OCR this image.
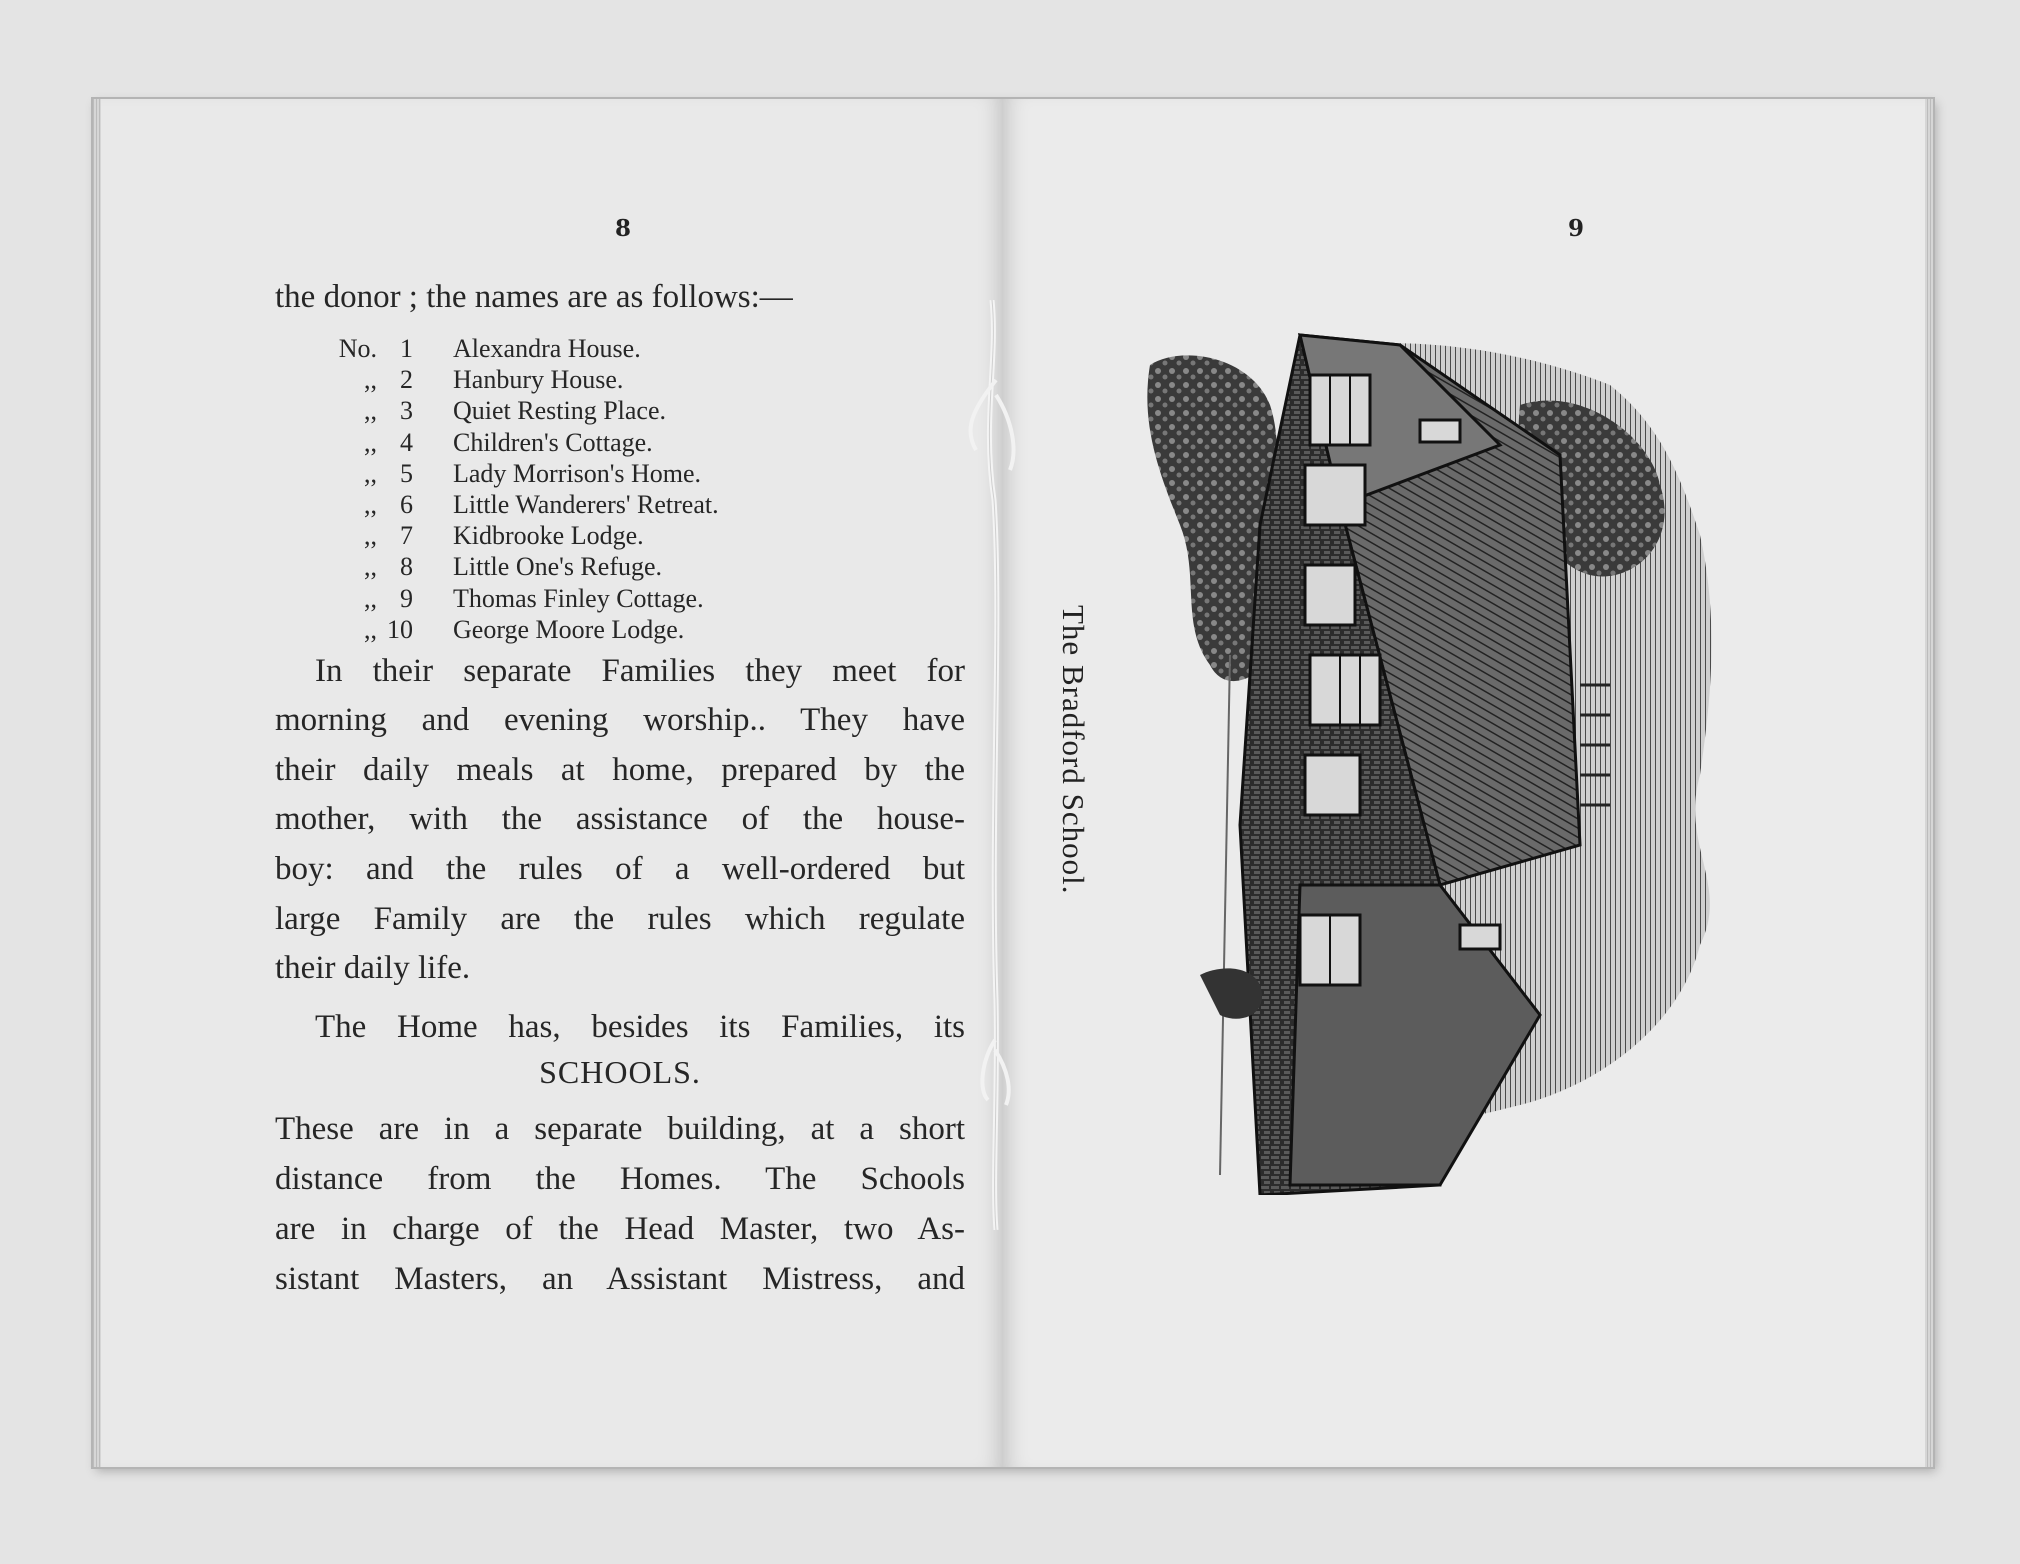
8
the donor ; the names are as follows:—
No. 1 Alexandra House.
,, 2 Hanbury House.
,, 3 Quiet Resting Place.
,, 4 Children's Cottage.
,, 5 Lady Morrison's Home.
,, 6 Little Wanderers' Retreat.
,, 7 Kidbrooke Lodge.
,, 8 Little One's Refuge.
,, 9 Thomas Finley Cottage.
,, 10 George Moore Lodge.
In their separate Families they meet for
morning and evening worship.. They have
their daily meals at home, prepared by the
mother, with the assistance of the house-
boy: and the rules of a well-ordered but
large Family are the rules which regulate
their daily life.
The Home has, besides its Families, its
SCHOOLS.
These are in a separate building, at a short
distance from the Homes. The Schools
are in charge of the Head Master, two As-
sistant Masters, an Assistant Mistress, and
9
The Bradford School.
